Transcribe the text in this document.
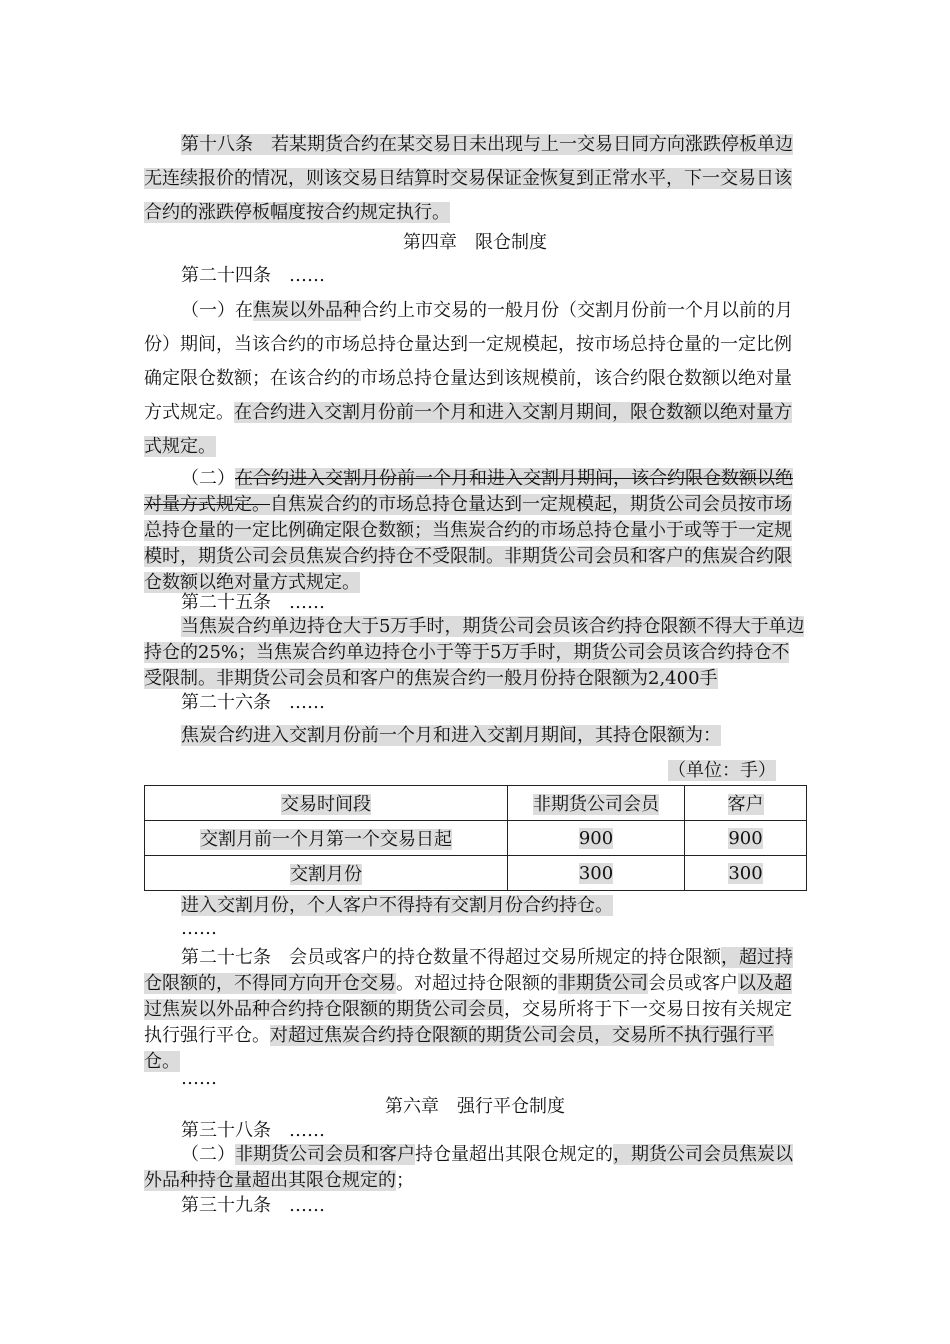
第十八条　 若某期货合约在某交易日未出现与上一交易日同方向涨跌停板单边无连续报价的情况，则该交易日结算时交易保证金恢复到正常水平，下一交易日该合约的涨跌停板幅度按合约规定执行。
第四章　限仓制度
第二十四条　……
（一）在焦炭以外品种合约上市交易的一般月份（交割月份前一个月以前的月份）期间，当该合约的市场总持仓量达到一定规模起，按市场总持仓量的一定比例确定限仓数额；在该合约的市场总持仓量达到该规模前，该合约限仓数额以绝对量方式规定。在合约进入交割月份前一个月和进入交割月期间，限仓数额以绝对量方式规定。
（二）在合约进入交割月份前一个月和进入交割月期间，该合约限仓数额以绝对量方式规定。自焦炭合约的市场总持仓量达到一定规模起，期货公司会员按市场总持仓量的一定比例确定限仓数额；当焦炭合约的市场总持仓量小于或等于一定规模时，期货公司会员焦炭合约持仓不受限制。非期货公司会员和客户的焦炭合约限仓数额以绝对量方式规定。
第二十五条　……
当焦炭合约单边持仓大于5万手时，期货公司会员该合约持仓限额不得大于单边持仓的25%；当焦炭合约单边持仓小于等于5万手时，期货公司会员该合约持仓不受限制。非期货公司会员和客户的焦炭合约一般月份持仓限额为2,400手
第二十六条　……
焦炭合约进入交割月份前一个月和进入交割月期间，其持仓限额为：
（单位：手）
交易时间段	非期货公司会员	客户
交割月前一个月第一个交易日起	900	900
交割月份	300	300
进入交割月份，个人客户不得持有交割月份合约持仓。
……
第二十七条　会员或客户的持仓数量不得超过交易所规定的持仓限额，超过持仓限额的，不得同方向开仓交易。对超过持仓限额的非期货公司会员或客户以及超过焦炭以外品种合约持仓限额的期货公司会员，交易所将于下一交易日按有关规定执行强行平仓。对超过焦炭合约持仓限额的期货公司会员，交易所不执行强行平仓。
……
第六章　强行平仓制度
第三十八条　……
（二）非期货公司会员和客户持仓量超出其限仓规定的，期货公司会员焦炭以外品种持仓量超出其限仓规定的；
第三十九条　……
